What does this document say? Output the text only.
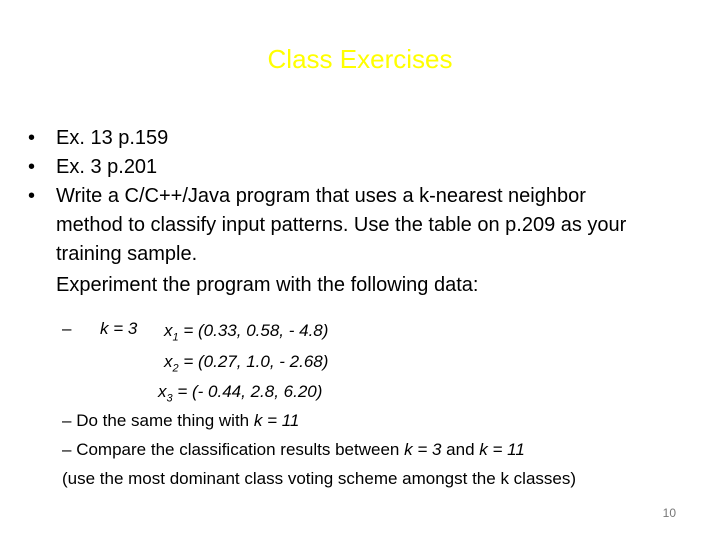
Class Exercises
• Ex. 13 p.159
• Ex. 3 p.201
• Write a C/C++/Java program that uses a k-nearest neighbor
method to classify input patterns. Use the table on p.209 as your
training sample.
Experiment the program with the following data:
– k = 3 $x_1 = (0.33$, 0.58, - 4.8)
$x_2 = (0.27$, 1.0, - 2.68)
$x_3$ = (- 0.44, 2.8, 6.20)
– Do the same thing with k = 11
– Compare the classification results between k = 3 and k = 11
(use the most dominant class voting scheme amongst the k classes)
10
